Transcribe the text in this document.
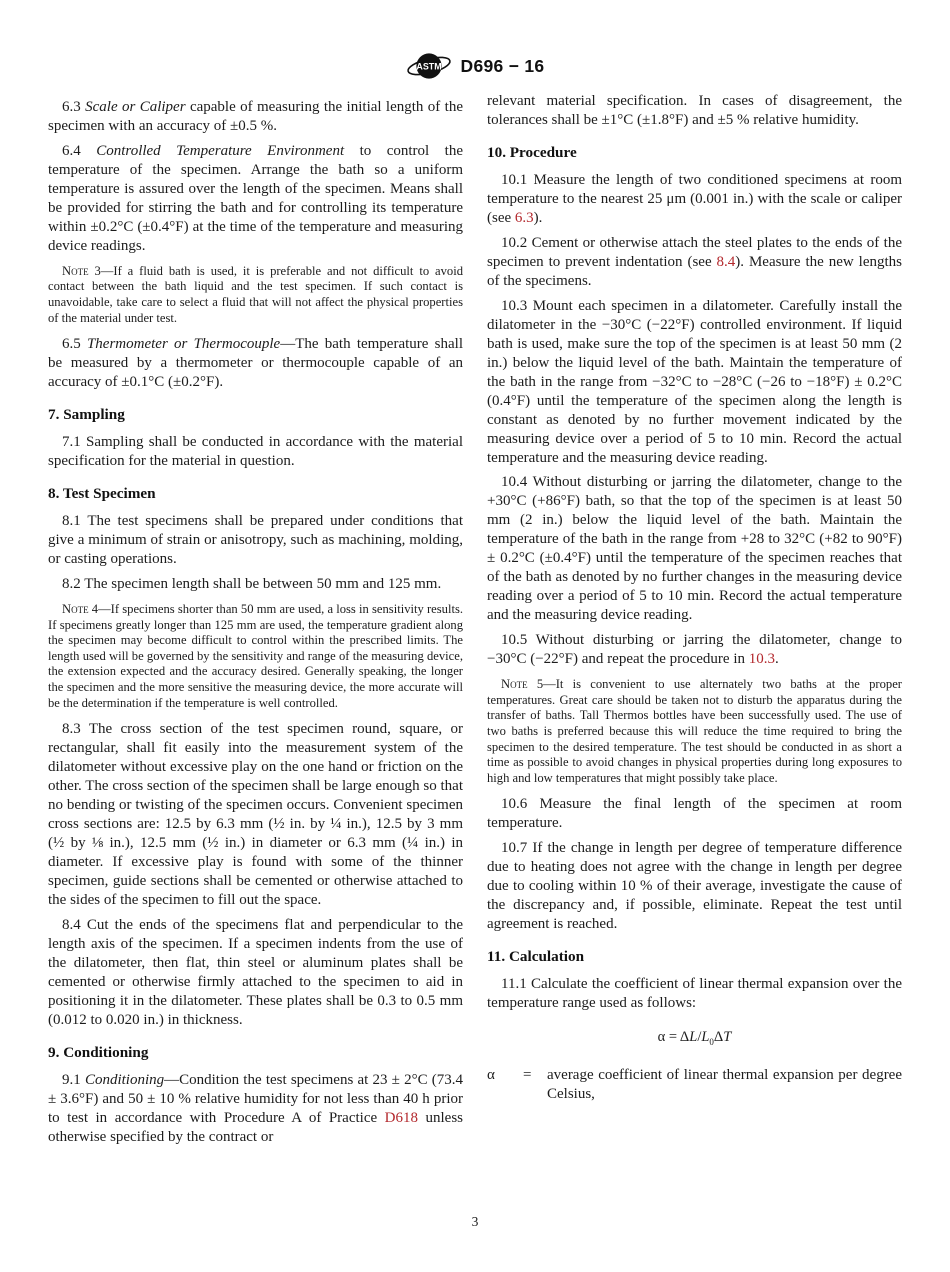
ASTM D696 − 16

6.3 Scale or Caliper capable of measuring the initial length of the specimen with an accuracy of ±0.5 %.

6.4 Controlled Temperature Environment to control the temperature of the specimen. Arrange the bath so a uniform temperature is assured over the length of the specimen. Means shall be provided for stirring the bath and for controlling its temperature within ±0.2°C (±0.4°F) at the time of the temperature and measuring device readings.

Note 3—If a fluid bath is used, it is preferable and not difficult to avoid contact between the bath liquid and the test specimen. If such contact is unavoidable, take care to select a fluid that will not affect the physical properties of the material under test.

6.5 Thermometer or Thermocouple—The bath temperature shall be measured by a thermometer or thermocouple capable of an accuracy of ±0.1°C (±0.2°F).

7. Sampling

7.1 Sampling shall be conducted in accordance with the material specification for the material in question.

8. Test Specimen

8.1 The test specimens shall be prepared under conditions that give a minimum of strain or anisotropy, such as machining, molding, or casting operations.

8.2 The specimen length shall be between 50 mm and 125 mm.

Note 4—If specimens shorter than 50 mm are used, a loss in sensitivity results. If specimens greatly longer than 125 mm are used, the temperature gradient along the specimen may become difficult to control within the prescribed limits. The length used will be governed by the sensitivity and range of the measuring device, the extension expected and the accuracy desired. Generally speaking, the longer the specimen and the more sensitive the measuring device, the more accurate will be the determination if the temperature is well controlled.

8.3 The cross section of the test specimen round, square, or rectangular, shall fit easily into the measurement system of the dilatometer without excessive play on the one hand or friction on the other. The cross section of the specimen shall be large enough so that no bending or twisting of the specimen occurs. Convenient specimen cross sections are: 12.5 by 6.3 mm (½ in. by ¼ in.), 12.5 by 3 mm (½ by ⅛ in.), 12.5 mm (½ in.) in diameter or 6.3 mm (¼ in.) in diameter. If excessive play is found with some of the thinner specimen, guide sections shall be cemented or otherwise attached to the sides of the specimen to fill out the space.

8.4 Cut the ends of the specimens flat and perpendicular to the length axis of the specimen. If a specimen indents from the use of the dilatometer, then flat, thin steel or aluminum plates shall be cemented or otherwise firmly attached to the specimen to aid in positioning it in the dilatometer. These plates shall be 0.3 to 0.5 mm (0.012 to 0.020 in.) in thickness.

9. Conditioning

9.1 Conditioning—Condition the test specimens at 23 ± 2°C (73.4 ± 3.6°F) and 50 ± 10 % relative humidity for not less than 40 h prior to test in accordance with Procedure A of Practice D618 unless otherwise specified by the contract or

relevant material specification. In cases of disagreement, the tolerances shall be ±1°C (±1.8°F) and ±5 % relative humidity.

10. Procedure

10.1 Measure the length of two conditioned specimens at room temperature to the nearest 25 μm (0.001 in.) with the scale or caliper (see 6.3).

10.2 Cement or otherwise attach the steel plates to the ends of the specimen to prevent indentation (see 8.4). Measure the new lengths of the specimens.

10.3 Mount each specimen in a dilatometer. Carefully install the dilatometer in the −30°C (−22°F) controlled environment. If liquid bath is used, make sure the top of the specimen is at least 50 mm (2 in.) below the liquid level of the bath. Maintain the temperature of the bath in the range from −32°C to −28°C (−26 to −18°F) ± 0.2°C (0.4°F) until the temperature of the specimen along the length is constant as denoted by no further movement indicated by the measuring device over a period of 5 to 10 min. Record the actual temperature and the measuring device reading.

10.4 Without disturbing or jarring the dilatometer, change to the +30°C (+86°F) bath, so that the top of the specimen is at least 50 mm (2 in.) below the liquid level of the bath. Maintain the temperature of the bath in the range from +28 to 32°C (+82 to 90°F) ± 0.2°C (±0.4°F) until the temperature of the specimen reaches that of the bath as denoted by no further changes in the measuring device reading over a period of 5 to 10 min. Record the actual temperature and the measuring device reading.

10.5 Without disturbing or jarring the dilatometer, change to −30°C (−22°F) and repeat the procedure in 10.3.

Note 5—It is convenient to use alternately two baths at the proper temperatures. Great care should be taken not to disturb the apparatus during the transfer of baths. Tall Thermos bottles have been successfully used. The use of two baths is preferred because this will reduce the time required to bring the specimen to the desired temperature. The test should be conducted in as short a time as possible to avoid changes in physical properties during long exposures to high and low temperatures that might possibly take place.

10.6 Measure the final length of the specimen at room temperature.

10.7 If the change in length per degree of temperature difference due to heating does not agree with the change in length per degree due to cooling within 10 % of their average, investigate the cause of the discrepancy and, if possible, eliminate. Repeat the test until agreement is reached.

11. Calculation

11.1 Calculate the coefficient of linear thermal expansion over the temperature range used as follows:

$\alpha = \Delta L/L_0\Delta T$
α	=	average coefficient of linear thermal expansion per degree Celsius,
3
